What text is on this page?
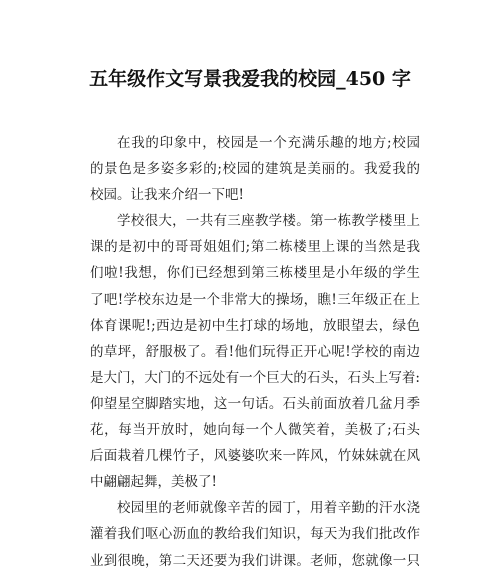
五年级作文写景我爱我的校园_450 字
在我的印象中，校园是一个充满乐趣的地方;校园
的景色是多姿多彩的;校园的建筑是美丽的。我爱我的
校园。让我来介绍一下吧!
学校很大，一共有三座教学楼。第一栋教学楼里上
课的是初中的哥哥姐姐们;第二栋楼里上课的当然是我
们啦!我想，你们已经想到第三栋楼里是小年级的学生
了吧!学校东边是一个非常大的操场，瞧!三年级正在上
体育课呢!;西边是初中生打球的场地，放眼望去，绿色
的草坪，舒服极了。看!他们玩得正开心呢!学校的南边
是大门，大门的不远处有一个巨大的石头，石头上写着:
仰望星空脚踏实地，这一句话。石头前面放着几盆月季
花，每当开放时，她向每一个人微笑着，美极了;石头
后面栽着几棵竹子，风婆婆吹来一阵风，竹妹妹就在风
中翩翩起舞，美极了!
校园里的老师就像辛苦的园丁，用着辛勤的汗水浇
灌着我们呕心沥血的教给我们知识，每天为我们批改作
业到很晚，第二天还要为我们讲课。老师，您就像一只
